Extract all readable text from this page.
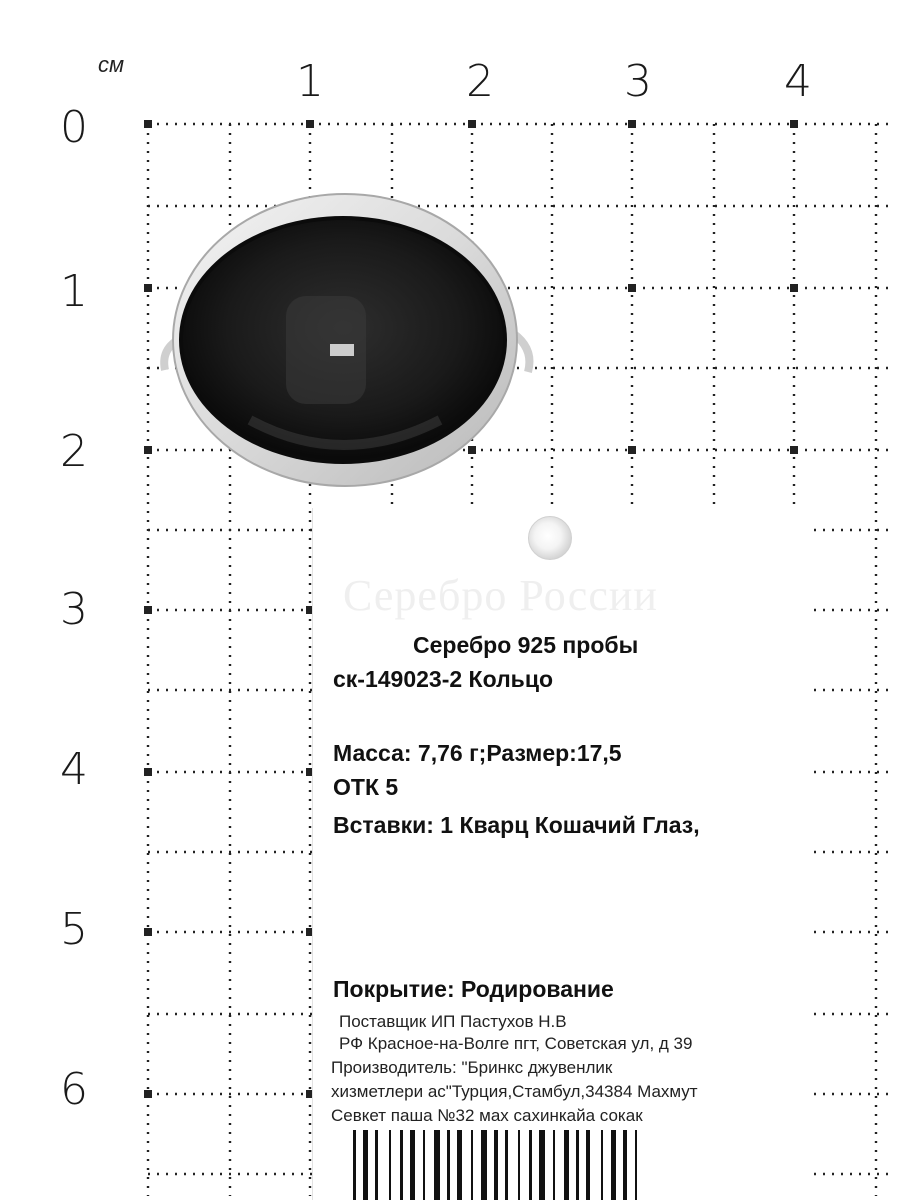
см	1	2	3	4
0
1
2
3
4
5
6
Серебро России
Серебро 925 пробы
ск-149023-2 Кольцо
Масса: 7,76 г;Размер:17,5
ОТК 5
Вставки: 1 Кварц Кошачий Глаз,
Покрытие: Родирование
Поставщик ИП Пастухов Н.В
РФ Красное-на-Волге пгт, Советская ул, д 39
Производитель: "Бринкс джувенлик
хизметлери ас"Турция,Стамбул,34384 Махмут
Севкет паша №32 мах сахинкайа сокак
